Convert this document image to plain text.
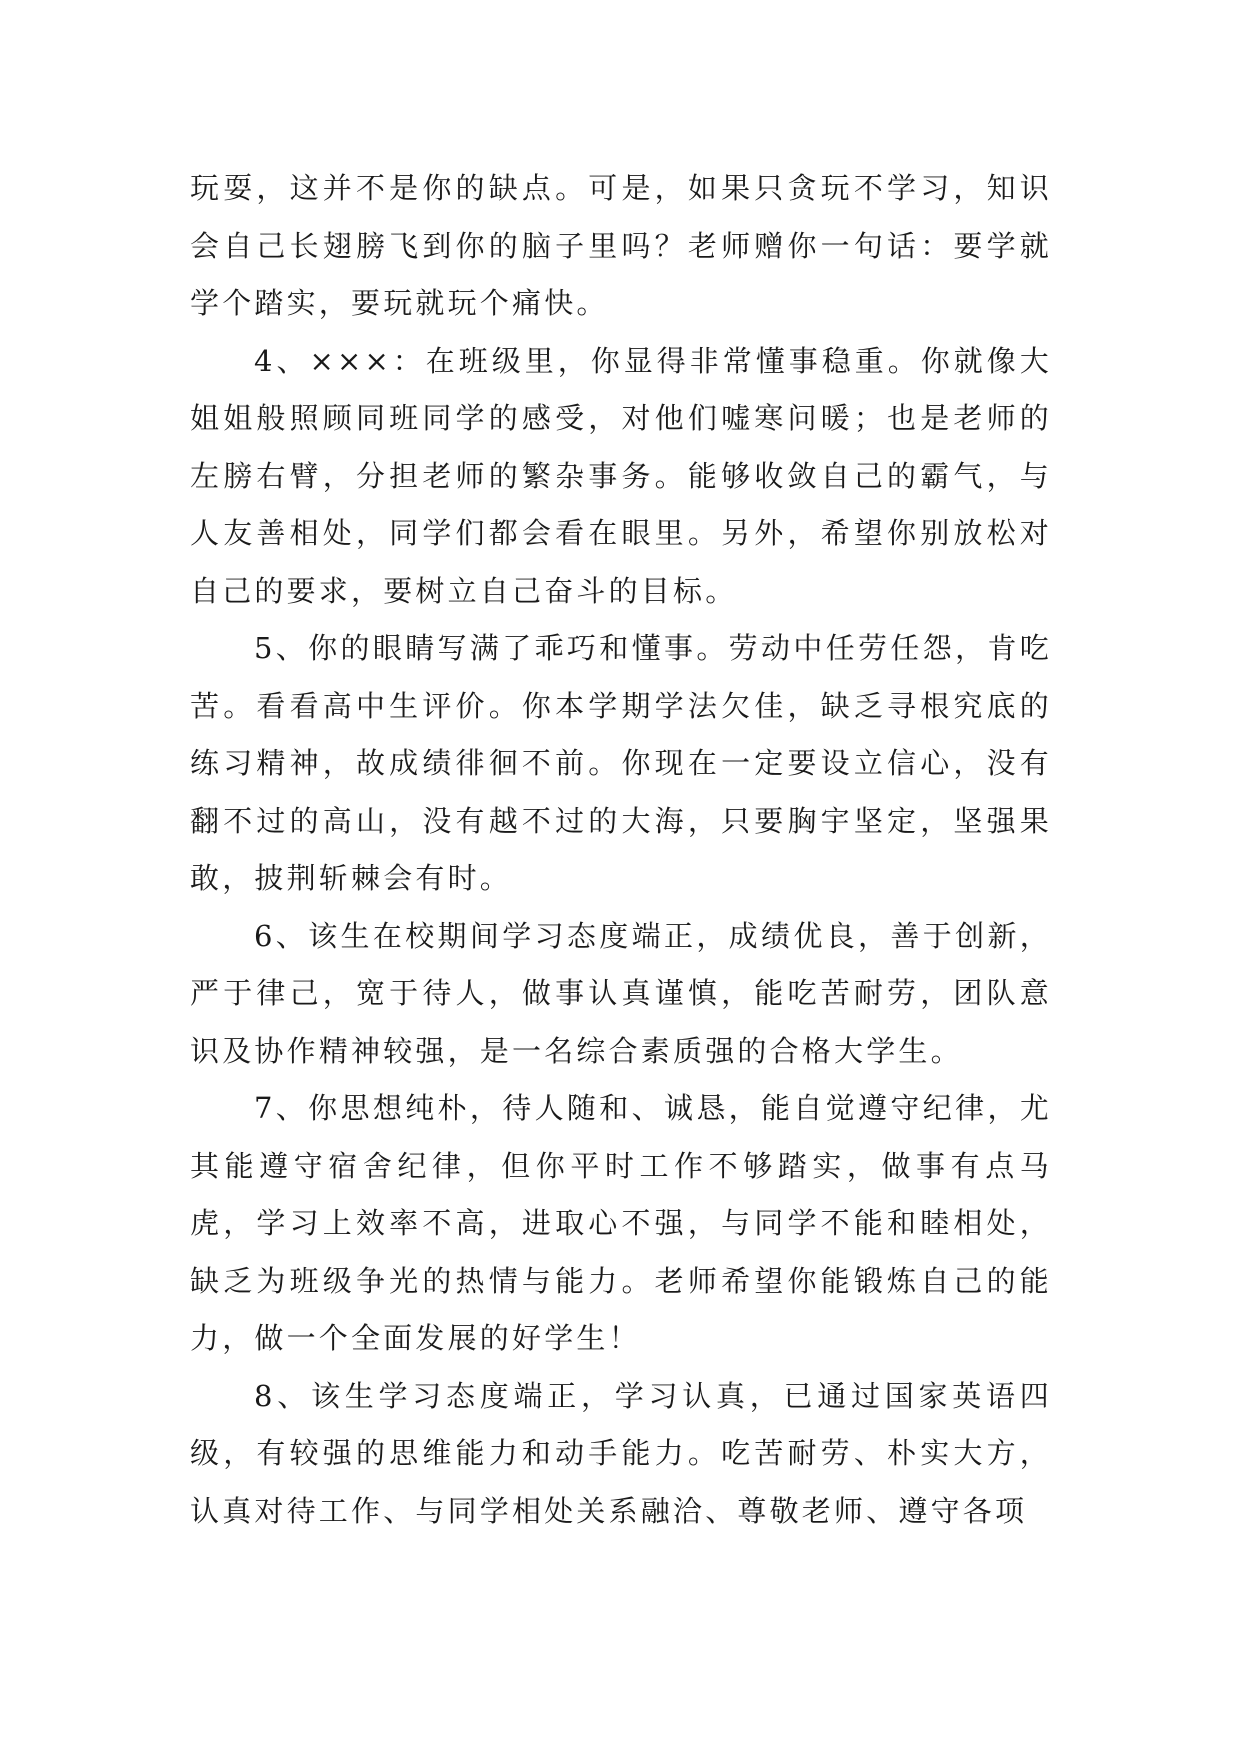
玩耍，这并不是你的缺点。可是，如果只贪玩不学习，知识会自己长翅膀飞到你的脑子里吗？老师赠你一句话：要学就学个踏实，要玩就玩个痛快。

4、×××：在班级里，你显得非常懂事稳重。你就像大姐姐般照顾同班同学的感受，对他们嘘寒问暖；也是老师的左膀右臂，分担老师的繁杂事务。能够收敛自己的霸气，与人友善相处，同学们都会看在眼里。另外，希望你别放松对自己的要求，要树立自己奋斗的目标。

5、你的眼睛写满了乖巧和懂事。劳动中任劳任怨，肯吃苦。看看高中生评价。你本学期学法欠佳，缺乏寻根究底的练习精神，故成绩徘徊不前。你现在一定要设立信心，没有翻不过的高山，没有越不过的大海，只要胸宇坚定，坚强果敢，披荆斩棘会有时。

6、该生在校期间学习态度端正，成绩优良，善于创新，严于律己，宽于待人，做事认真谨慎，能吃苦耐劳，团队意识及协作精神较强，是一名综合素质强的合格大学生。

7、你思想纯朴，待人随和、诚恳，能自觉遵守纪律，尤其能遵守宿舍纪律，但你平时工作不够踏实，做事有点马虎，学习上效率不高，进取心不强，与同学不能和睦相处，缺乏为班级争光的热情与能力。老师希望你能锻炼自己的能力，做一个全面发展的好学生！

8、该生学习态度端正，学习认真，已通过国家英语四级，有较强的思维能力和动手能力。吃苦耐劳、朴实大方，认真对待工作、与同学相处关系融洽、尊敬老师、遵守各项
